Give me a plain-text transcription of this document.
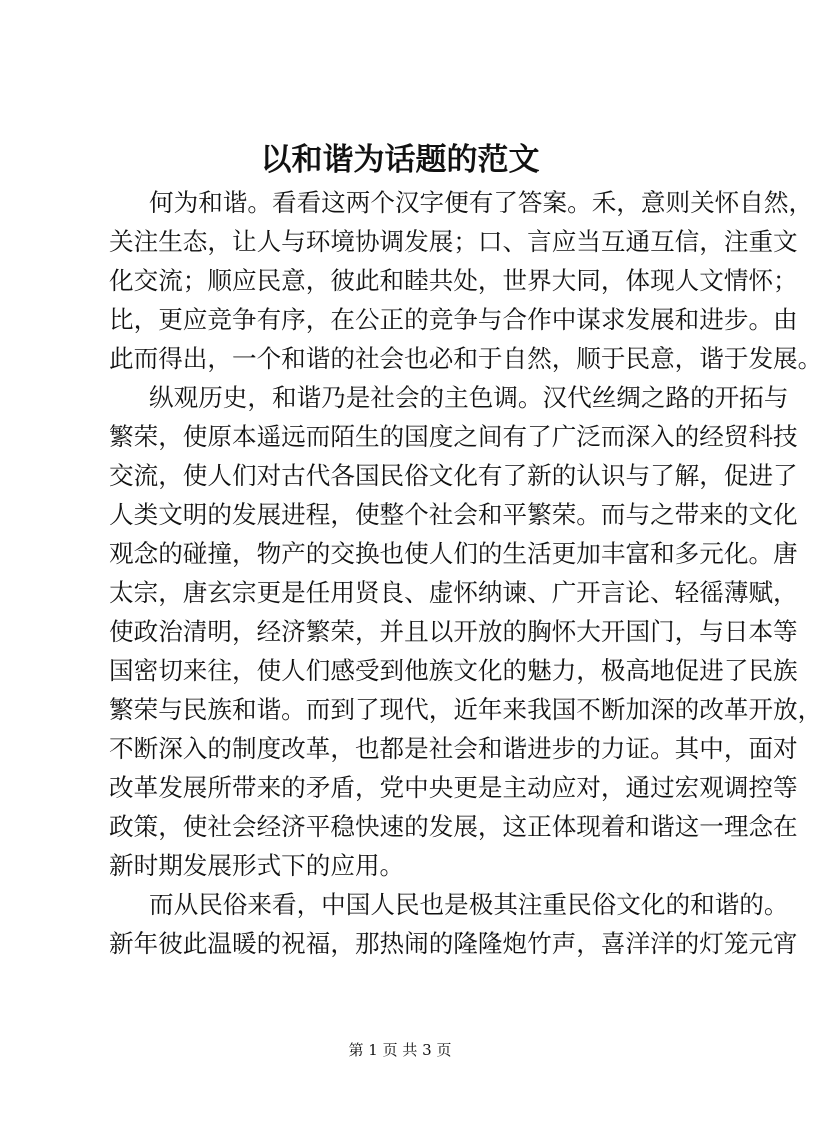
以和谐为话题的范文
何为和谐。看看这两个汉字便有了答案。禾，意则关怀自然，
关注生态，让人与环境协调发展；口、言应当互通互信，注重文
化交流；顺应民意，彼此和睦共处，世界大同，体现人文情怀；
比，更应竞争有序，在公正的竞争与合作中谋求发展和进步。由
此而得出，一个和谐的社会也必和于自然，顺于民意，谐于发展。
纵观历史，和谐乃是社会的主色调。汉代丝绸之路的开拓与
繁荣，使原本遥远而陌生的国度之间有了广泛而深入的经贸科技
交流，使人们对古代各国民俗文化有了新的认识与了解，促进了
人类文明的发展进程，使整个社会和平繁荣。而与之带来的文化
观念的碰撞，物产的交换也使人们的生活更加丰富和多元化。唐
太宗，唐玄宗更是任用贤良、虚怀纳谏、广开言论、轻徭薄赋，
使政治清明，经济繁荣，并且以开放的胸怀大开国门，与日本等
国密切来往，使人们感受到他族文化的魅力，极高地促进了民族
繁荣与民族和谐。而到了现代，近年来我国不断加深的改革开放，
不断深入的制度改革，也都是社会和谐进步的力证。其中，面对
改革发展所带来的矛盾，党中央更是主动应对，通过宏观调控等
政策，使社会经济平稳快速的发展，这正体现着和谐这一理念在
新时期发展形式下的应用。
而从民俗来看，中国人民也是极其注重民俗文化的和谐的。
新年彼此温暖的祝福，那热闹的隆隆炮竹声，喜洋洋的灯笼元宵
第 1 页 共 3 页
